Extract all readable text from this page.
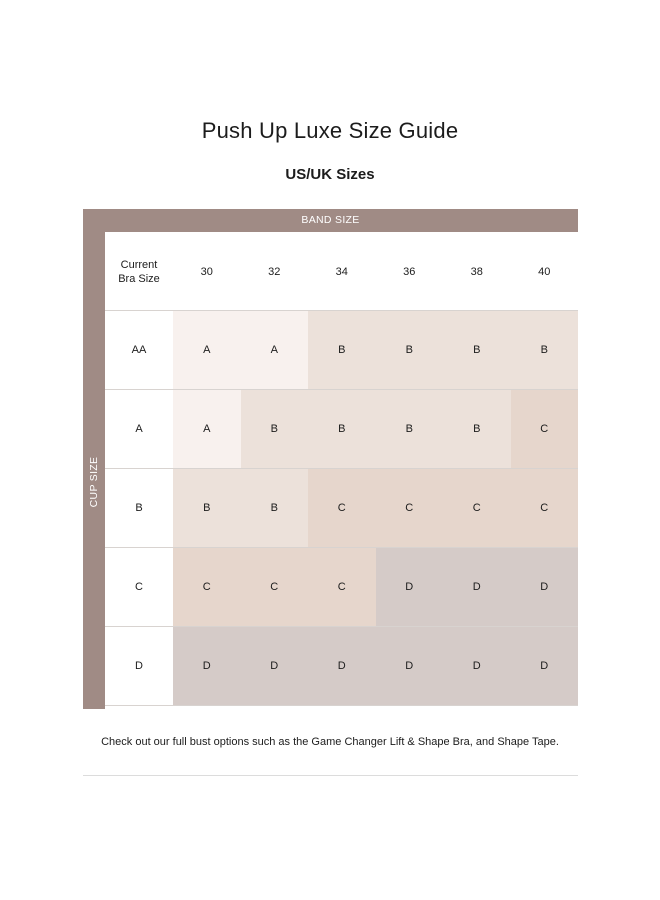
Push Up Luxe Size Guide
US/UK Sizes
BAND SIZE
CUP SIZE
Current
Bra Size
30	32	34	36	38	40
AA	A	A	B	B	B	B
A	A	B	B	B	B	C
B	B	B	C	C	C	C
C	C	C	C	D	D	D
D	D	D	D	D	D	D

Check out our full bust options such as the Game Changer Lift & Shape Bra, and Shape Tape.
